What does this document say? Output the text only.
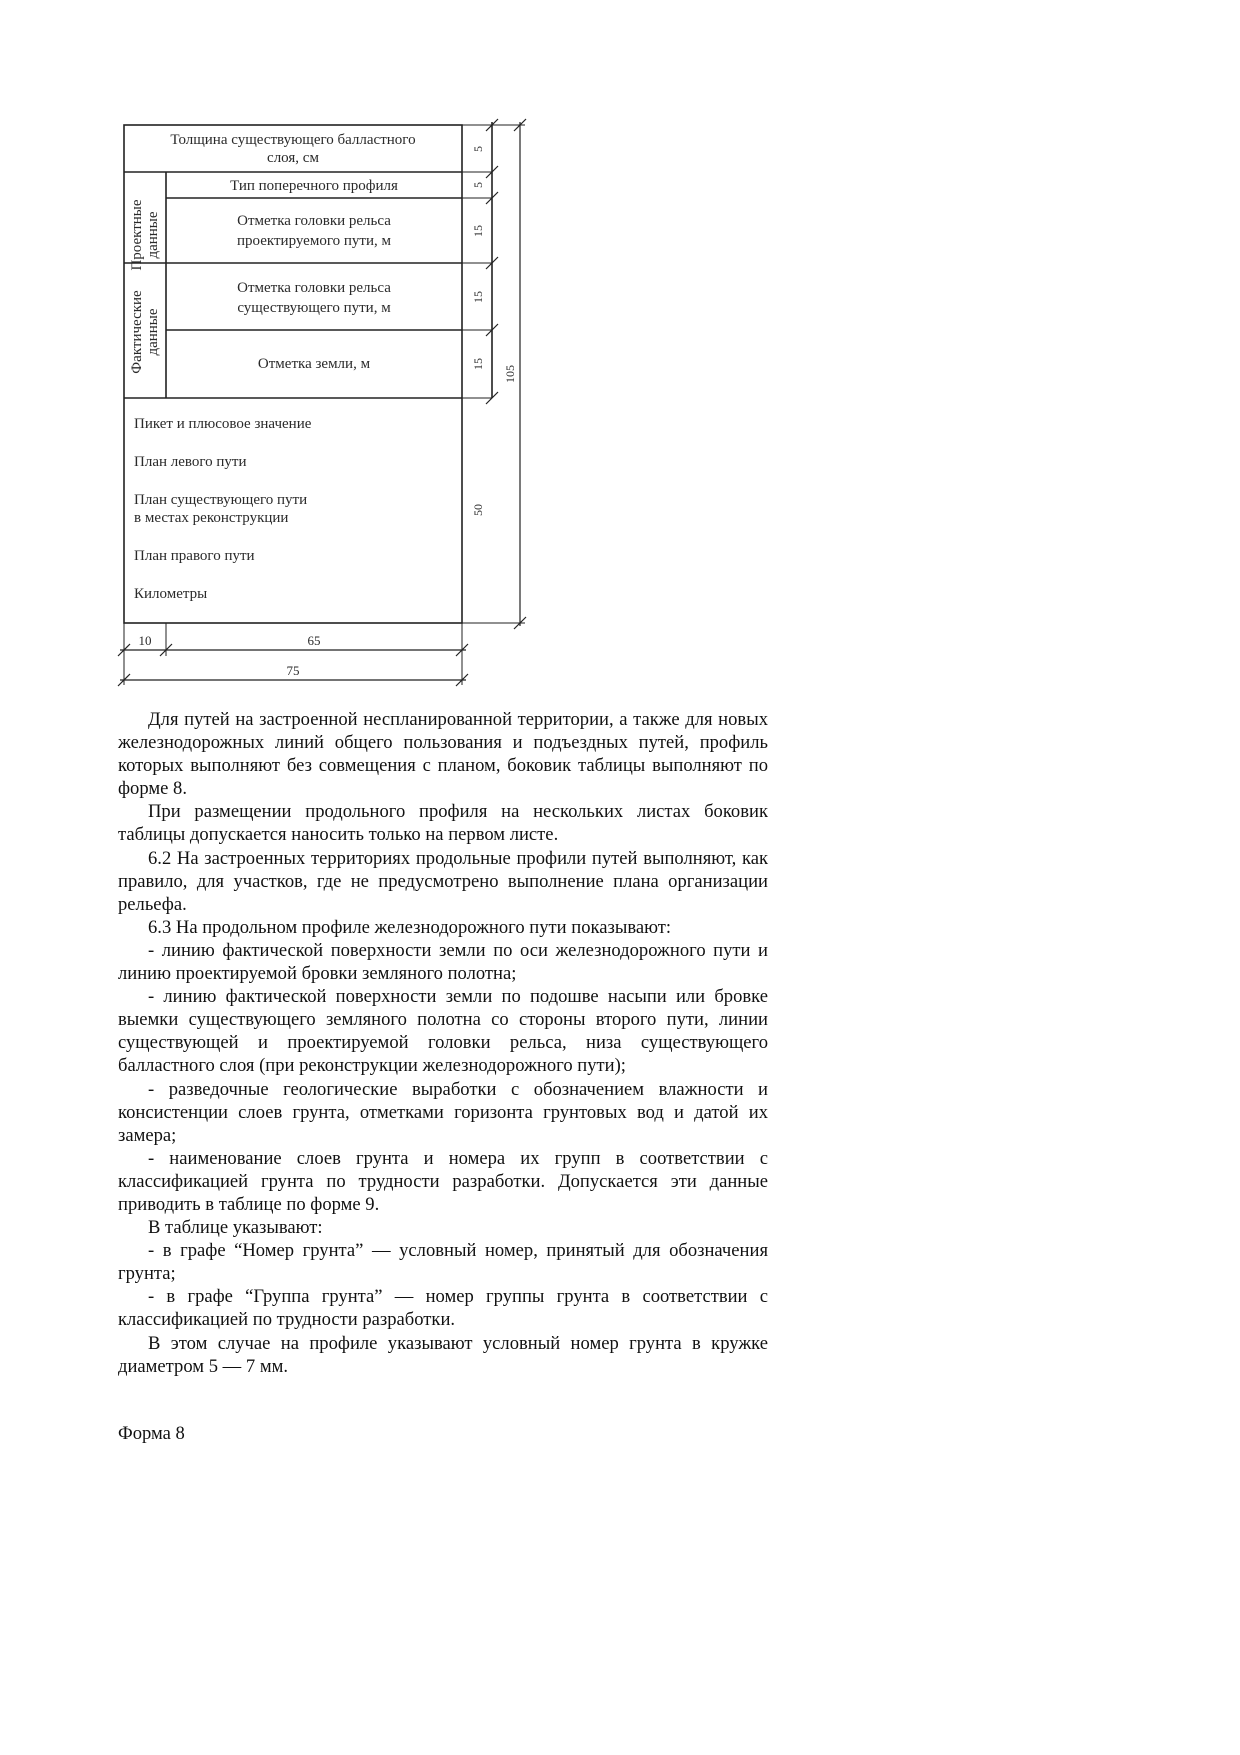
Толщина существующего балластного
слоя, см
Проектные данные
Фактические данные
Тип поперечного профиля
Отметка головки рельса
проектируемого пути, м
Отметка головки рельса
существующего пути, м
Отметка земли, м
Пикет и плюсовое значение
План левого пути
План существующего пути
в местах реконструкции
План правого пути
Километры
5
5
15
15
15
50
105
10	65
75

Для путей на застроенной неспланированной территории, а также для новых железнодорожных линий общего пользования и подъездных путей, профиль которых выполняют без совмещения с планом, боковик таблицы выполняют по форме 8.

При размещении продольного профиля на нескольких листах боковик таблицы допускается наносить только на первом листе.

6.2 На застроенных территориях продольные профили путей выполняют, как правило, для участков, где не предусмотрено выполнение плана организации рельефа.

6.3 На продольном профиле железнодорожного пути показывают:

- линию фактической поверхности земли по оси железнодорожного пути и линию проектируемой бровки земляного полотна;

- линию фактической поверхности земли по подошве насыпи или бровке выемки существующего земляного полотна со стороны второго пути, линии существующей и проектируемой головки рельса, низа существующего балластного слоя (при реконструкции железнодорожного пути);

- разведочные геологические выработки с обозначением влажности и консистенции слоев грунта, отметками горизонта грунтовых вод и датой их замера;

- наименование слоев грунта и номера их групп в соответствии с классификацией грунта по трудности разработки. Допускается эти данные приводить в таблице по форме 9.

В таблице указывают:

- в графе “Номер грунта” — условный номер, принятый для обозначения грунта;

- в графе “Группа грунта” — номер группы грунта в соответствии с классификацией по трудности разработки.

В этом случае на профиле указывают условный номер грунта в кружке диаметром 5 — 7 мм.

Форма 8
